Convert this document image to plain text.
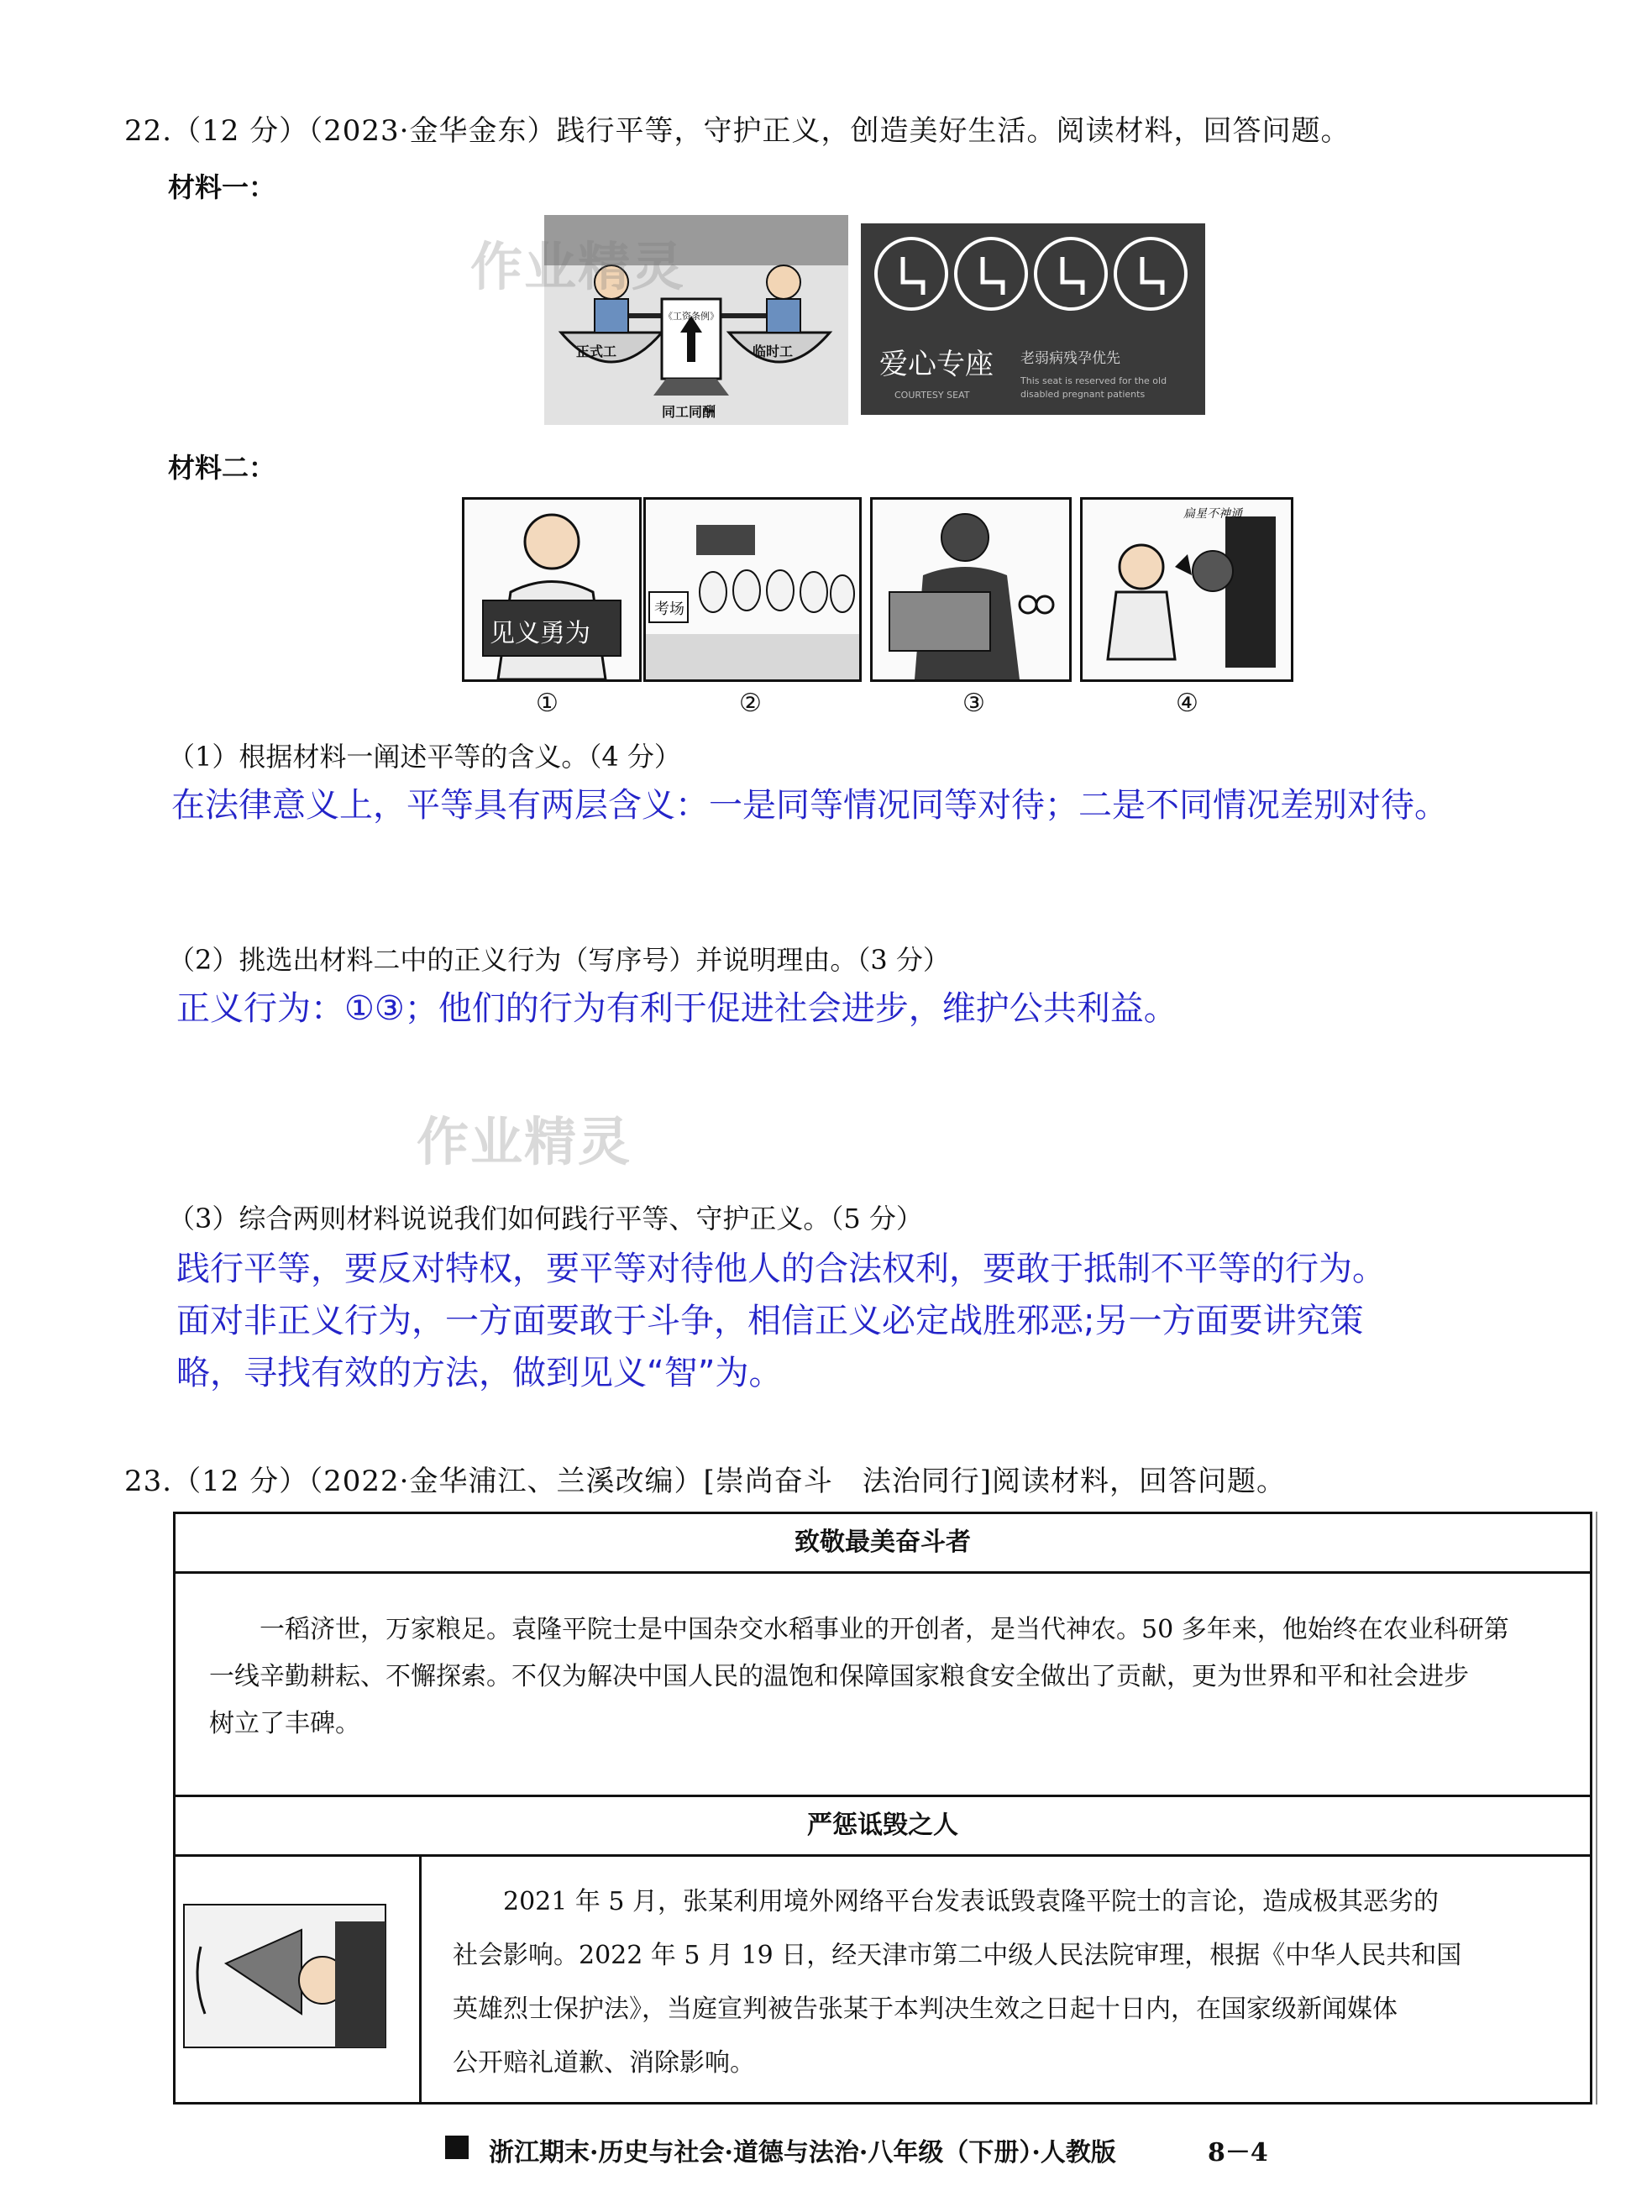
22.（12 分）（2023·金华金东）践行平等，守护正义，创造美好生活。阅读材料，回答问题。
材料一：
正式工	临时工
《工资条例》
同工同酬
爱心专座 老弱病残孕优先
COURTESY SEAT
This seat is reserved for the old disabled pregnant patients
作业精灵
材料二：
见义勇为
考场
扁星不神通
①	②	③	④
（1）根据材料一阐述平等的含义。（4 分）
在法律意义上，平等具有两层含义：一是同等情况同等对待；二是不同情况差别对待。
（2）挑选出材料二中的正义行为（写序号）并说明理由。（3 分）
正义行为：①③；他们的行为有利于促进社会进步，维护公共利益。
作业精灵
（3）综合两则材料说说我们如何践行平等、守护正义。（5 分）
践行平等，要反对特权，要平等对待他人的合法权利，要敢于抵制不平等的行为。
面对非正义行为，一方面要敢于斗争，相信正义必定战胜邪恶;另一方面要讲究策
略，寻找有效的方法，做到见义“智”为。
23.（12 分）（2022·金华浦江、兰溪改编）[崇尚奋斗　法治同行]阅读材料，回答问题。
致敬最美奋斗者
一稻济世，万家粮足。袁隆平院士是中国杂交水稻事业的开创者，是当代神农。50 多年来，他始终在农业科研第
一线辛勤耕耘、不懈探索。不仅为解决中国人民的温饱和保障国家粮食安全做出了贡献，更为世界和平和社会进步
树立了丰碑。
严惩诋毁之人
2021 年 5 月，张某利用境外网络平台发表诋毁袁隆平院士的言论，造成极其恶劣的
社会影响。2022 年 5 月 19 日，经天津市第二中级人民法院审理，根据《中华人民共和国
英雄烈士保护法》，当庭宣判被告张某于本判决生效之日起十日内，在国家级新闻媒体
公开赔礼道歉、消除影响。
浙江期末·历史与社会·道德与法治·八年级（下册）·人教版	8－4
